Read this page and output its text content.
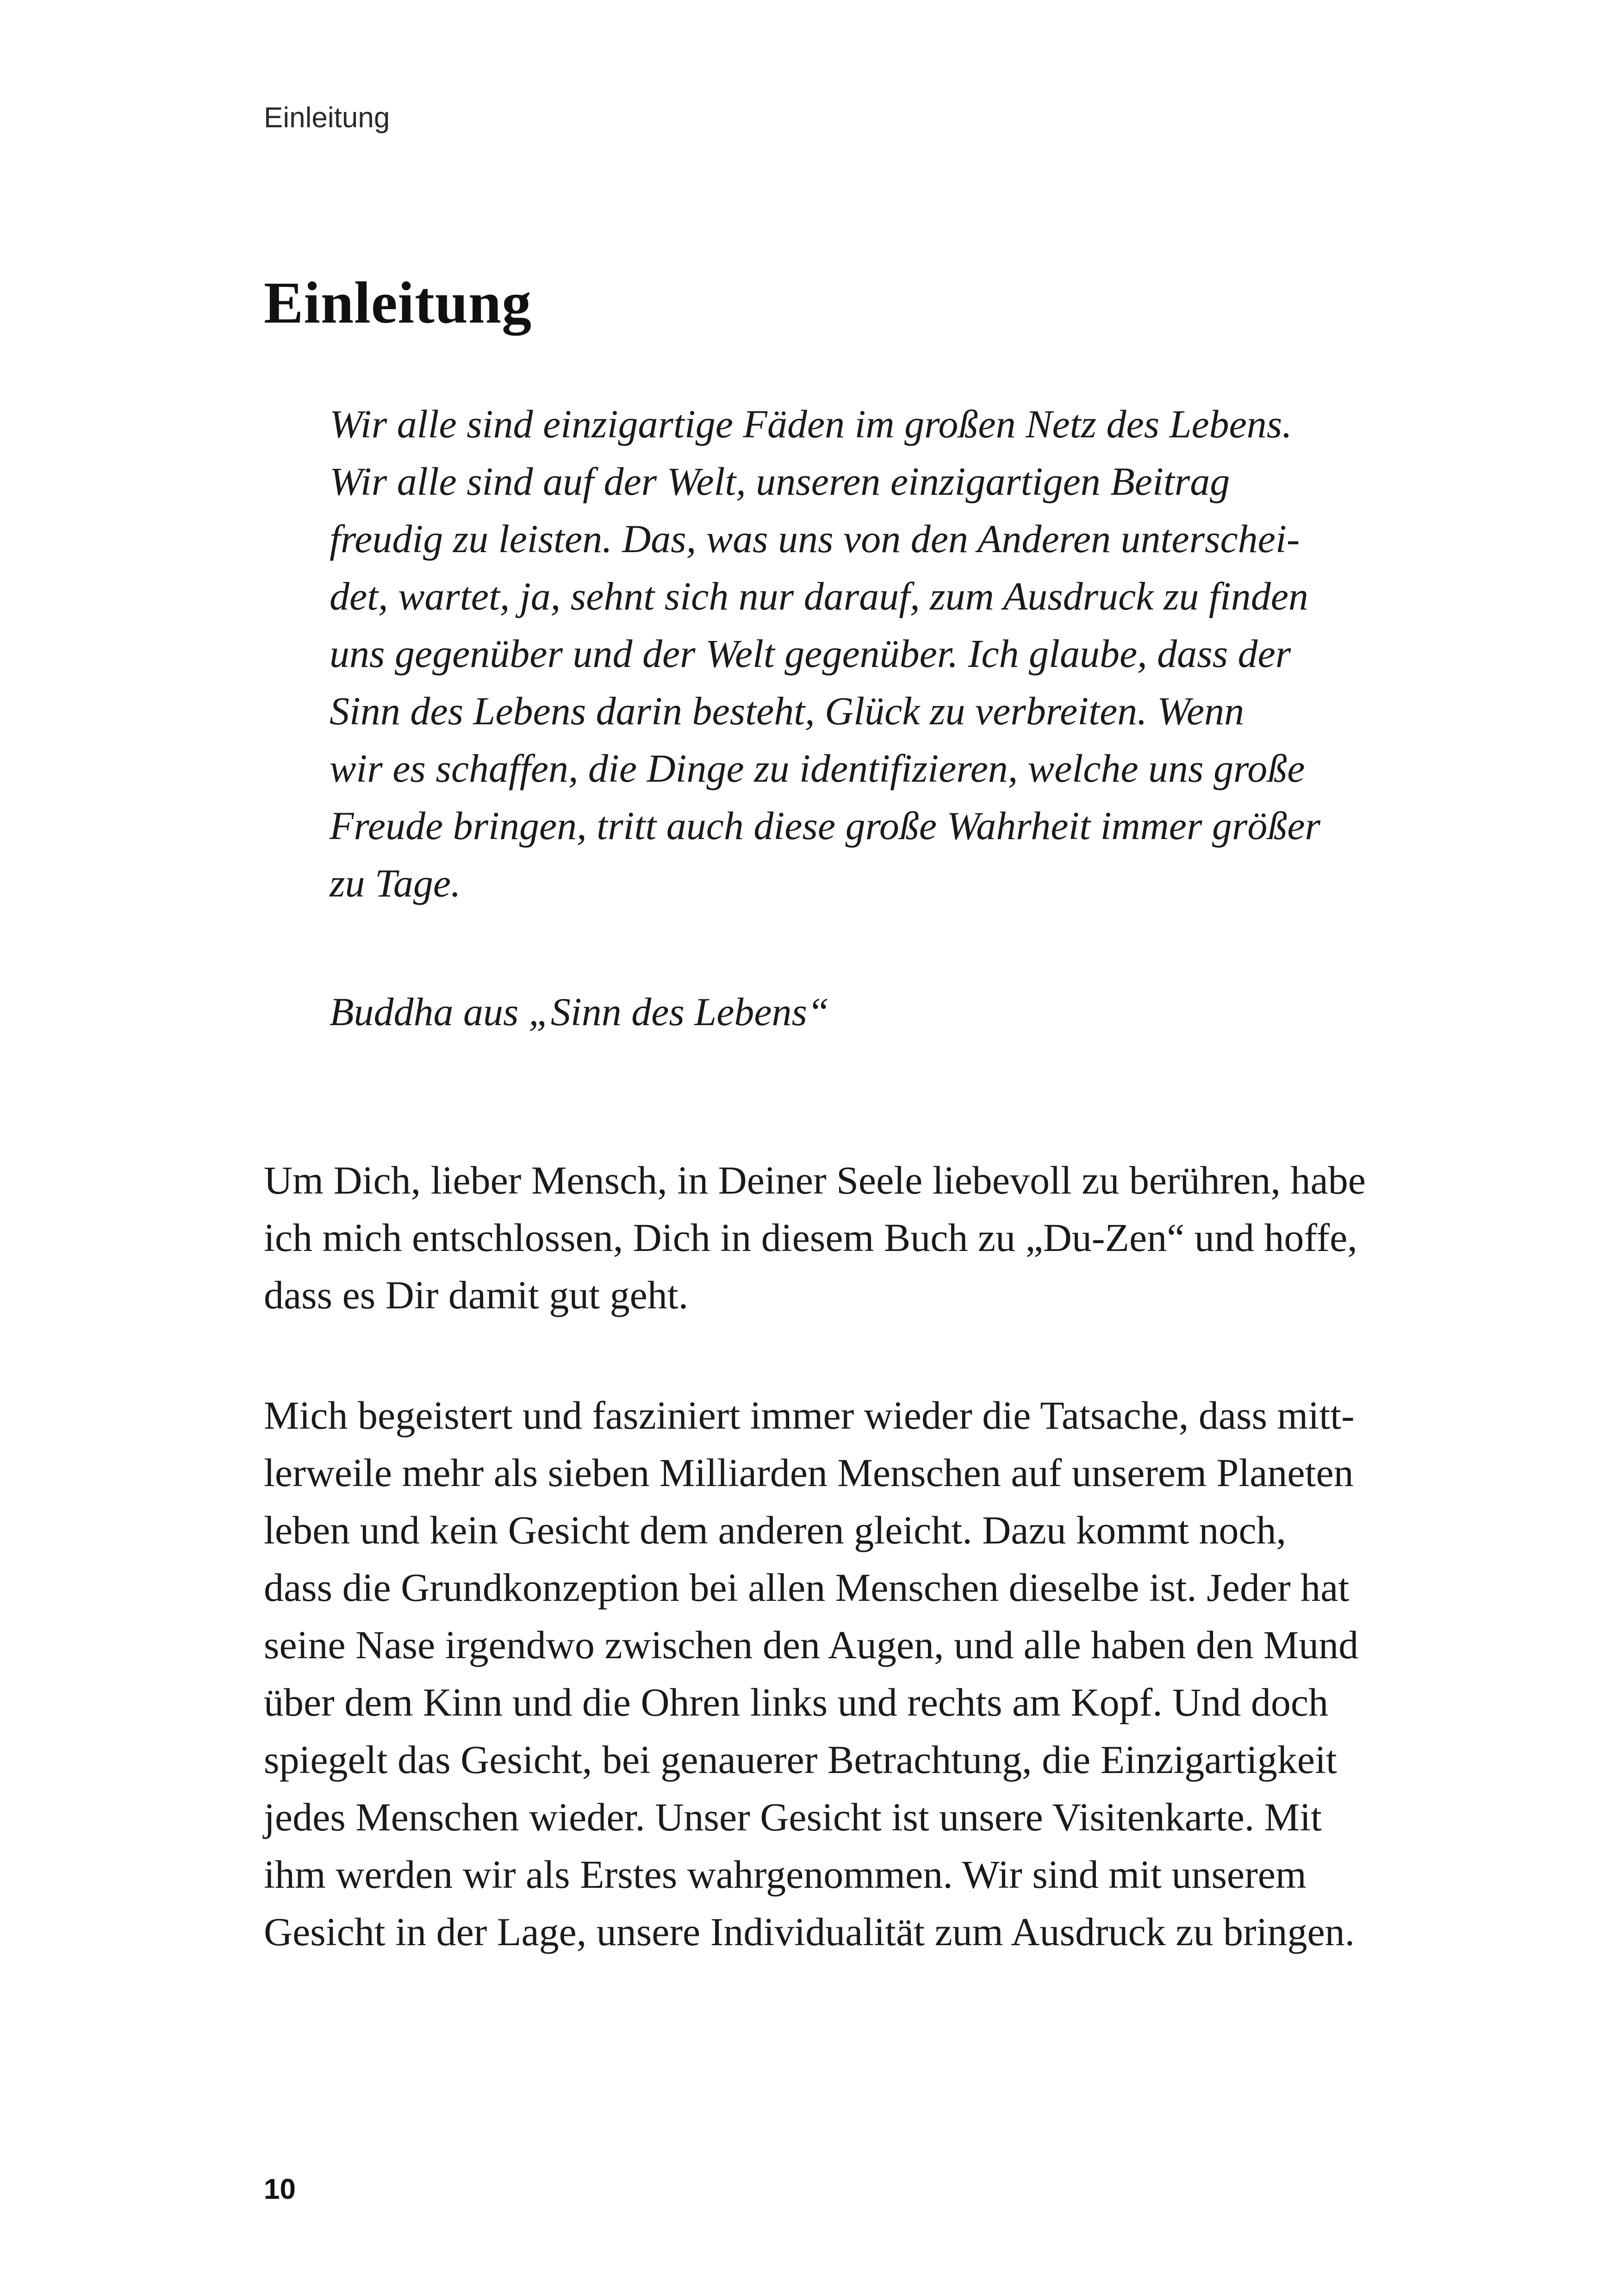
Einleitung
Einleitung
Wir alle sind einzigartige Fäden im großen Netz des Lebens.
Wir alle sind auf der Welt, unseren einzigartigen Beitrag
freudig zu leisten. Das, was uns von den Anderen unterschei-
det, wartet, ja, sehnt sich nur darauf, zum Ausdruck zu finden
uns gegenüber und der Welt gegenüber. Ich glaube, dass der
Sinn des Lebens darin besteht, Glück zu verbreiten. Wenn
wir es schaffen, die Dinge zu identifizieren, welche uns große
Freude bringen, tritt auch diese große Wahrheit immer größer
zu Tage.

Buddha aus „Sinn des Lebens“

Um Dich, lieber Mensch, in Deiner Seele liebevoll zu berühren, habe
ich mich entschlossen, Dich in diesem Buch zu „Du-Zen“ und hoffe,
dass es Dir damit gut geht.

Mich begeistert und fasziniert immer wieder die Tatsache, dass mitt-
lerweile mehr als sieben Milliarden Menschen auf unserem Planeten
leben und kein Gesicht dem anderen gleicht. Dazu kommt noch,
dass die Grundkonzeption bei allen Menschen dieselbe ist. Jeder hat
seine Nase irgendwo zwischen den Augen, und alle haben den Mund
über dem Kinn und die Ohren links und rechts am Kopf. Und doch
spiegelt das Gesicht, bei genauerer Betrachtung, die Einzigartigkeit
jedes Menschen wieder. Unser Gesicht ist unsere Visitenkarte. Mit
ihm werden wir als Erstes wahrgenommen. Wir sind mit unserem
Gesicht in der Lage, unsere Individualität zum Ausdruck zu bringen.

10
